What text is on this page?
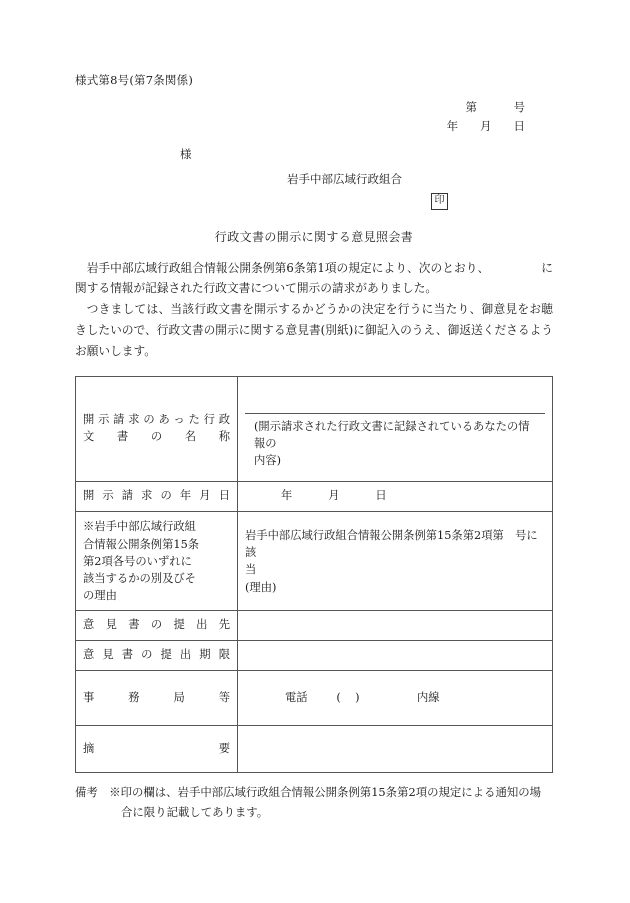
様式第8号(第7条関係)
第          号
年      月      日
様
岩手中部広域行政組合
印
行政文書の開示に関する意見照会書

岩手中部広域行政組合情報公開条例第6条第1項の規定により、次のとおり、	に関する情報が記録された行政文書について開示の請求がありました。

つきましては、当該行政文書を開示するかどうかの決定を行うに当たり、御意見をお聴きしたいので、行政文書の開示に関する意見書(別紙)に御記入のうえ、御返送くださるようお願いします。

開示請求のあった行政
文書の名称	(開示請求された行政文書に記録されているあなたの情報の
内容)

開示請求の年月日	年          月          日

※岩手中部広域行政組
合情報公開条例第15条
第2項各号のいずれに
該当するかの別及びそ
の理由	岩手中部広域行政組合情報公開条例第15条第2項第　号に該
当
(理由)

意見書の提出先	

意見書の提出期限	

事務局等	電話        (    )                内線

摘要	

備考　 ※印の欄は、岩手中部広域行政組合情報公開条例第15条第2項の規定による通知の場
合に限り記載してあります。
